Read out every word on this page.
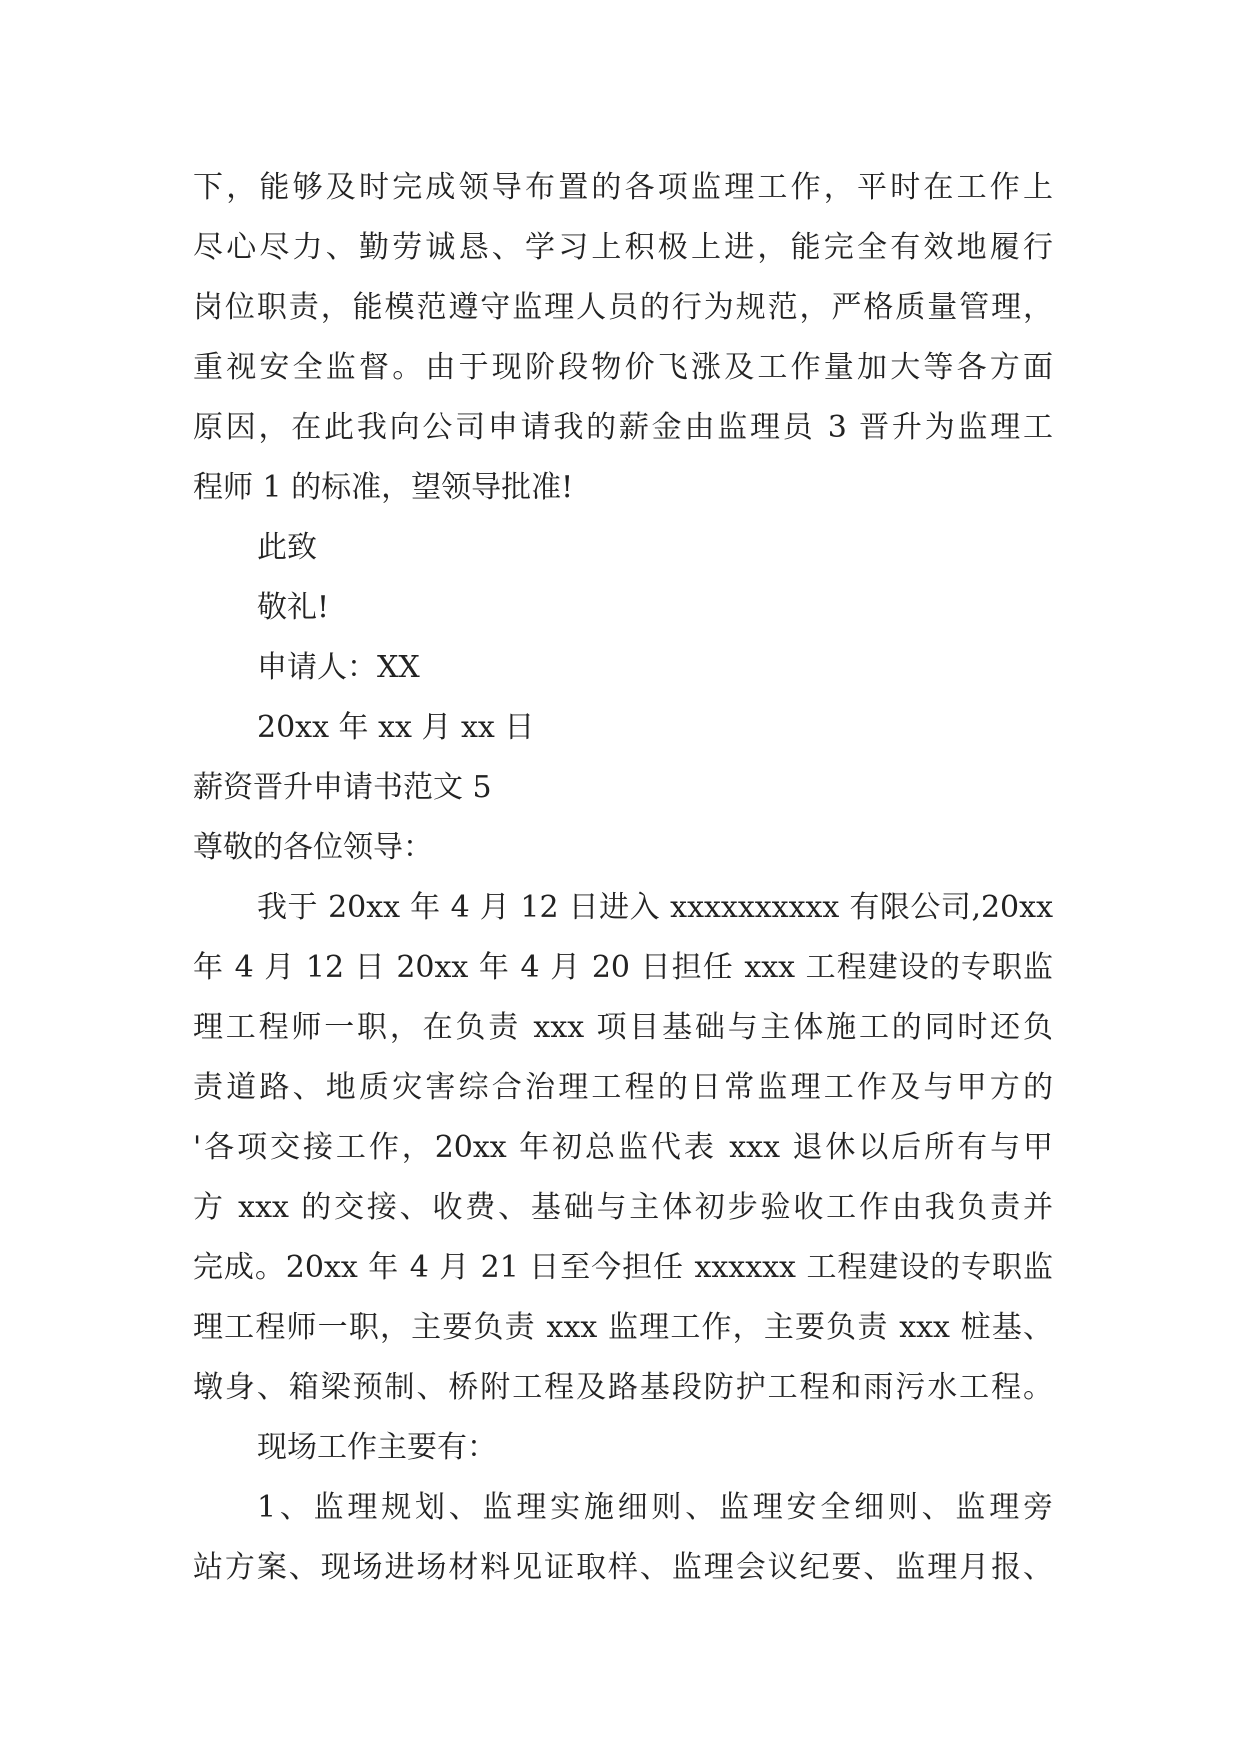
下，能够及时完成领导布置的各项监理工作，平时在工作上
尽心尽力、勤劳诚恳、学习上积极上进，能完全有效地履行
岗位职责，能模范遵守监理人员的行为规范，严格质量管理，
重视安全监督。由于现阶段物价飞涨及工作量加大等各方面
原因，在此我向公司申请我的薪金由监理员 3 晋升为监理工
程师 1 的标准，望领导批准!
此致
敬礼!
申请人：XX
20xx 年 xx 月 xx 日
薪资晋升申请书范文 5
尊敬的各位领导：
我于 20xx 年 4 月 12 日进入 xxxxxxxxxx 有限公司,20xx
年 4 月 12 日 20xx 年 4 月 20 日担任 xxx 工程建设的专职监
理工程师一职，在负责 xxx 项目基础与主体施工的同时还负
责道路、地质灾害综合治理工程的日常监理工作及与甲方的
'各项交接工作，20xx 年初总监代表 xxx 退休以后所有与甲
方 xxx 的交接、收费、基础与主体初步验收工作由我负责并
完成。20xx 年 4 月 21 日至今担任 xxxxxx 工程建设的专职监
理工程师一职，主要负责 xxx 监理工作，主要负责 xxx 桩基、
墩身、箱梁预制、桥附工程及路基段防护工程和雨污水工程。
现场工作主要有：
1、监理规划、监理实施细则、监理安全细则、监理旁
站方案、现场进场材料见证取样、监理会议纪要、监理月报、
